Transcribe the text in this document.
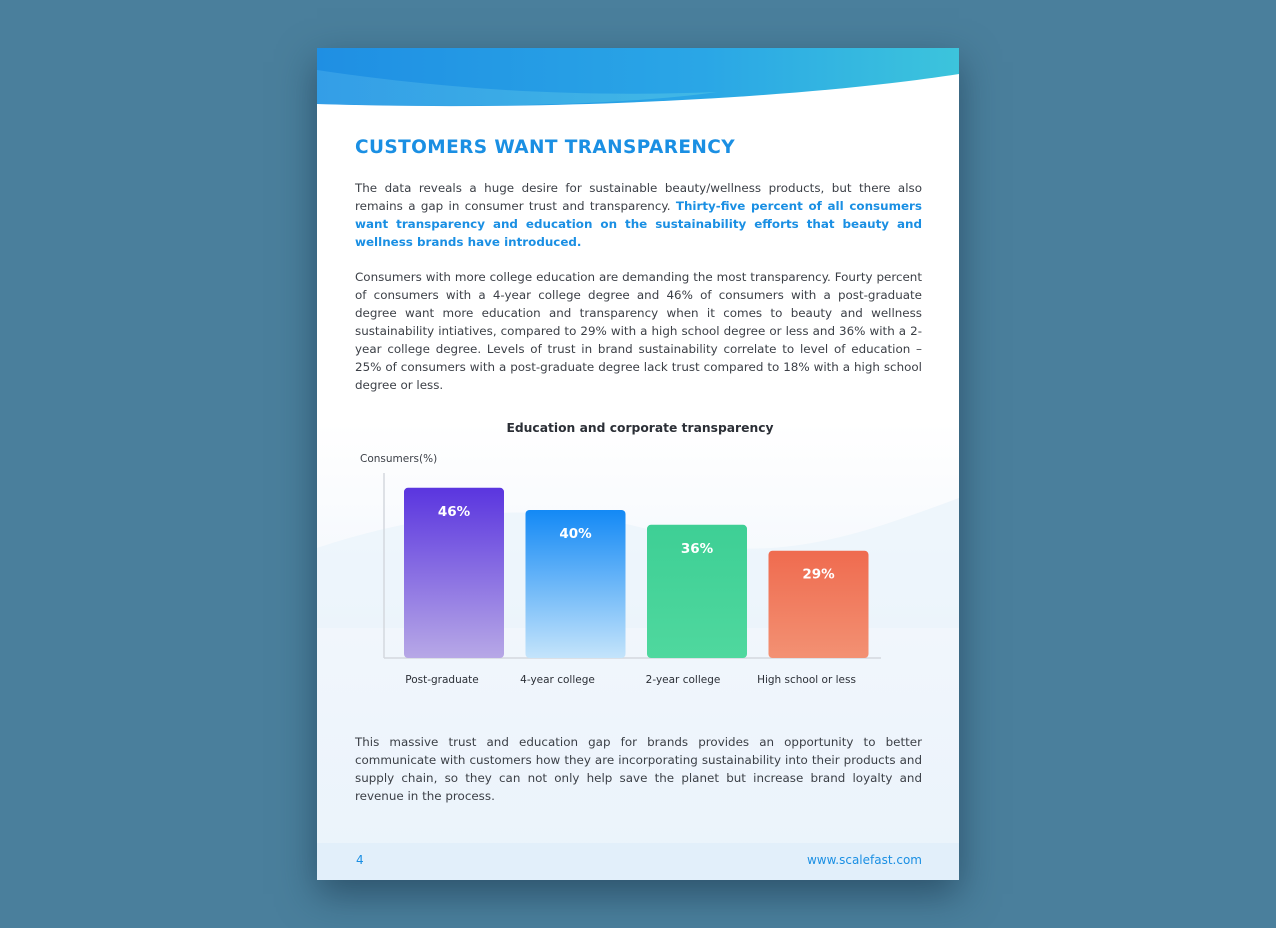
CUSTOMERS WANT TRANSPARENCY

The data reveals a huge desire for sustainable beauty/wellness products, but there also remains a gap in consumer trust and transparency. Thirty-five percent of all consumers want transparency and education on the sustainability efforts that beauty and wellness brands have introduced.

Consumers with more college education are demanding the most transparency. Fourty percent of consumers with a 4-year college degree and 46% of consumers with a post-graduate degree want more education and transparency when it comes to beauty and wellness sustainability intiatives, compared to 29% with a high school degree or less and 36% with a 2-year college degree. Levels of trust in brand sustainability correlate to level of education – 25% of consumers with a post-graduate degree lack trust compared to 18% with a high school degree or less.

Education and corporate transparency
Consumers(%)
46%
Post-graduate
40%
4-year college
36%
2-year college
29%
High school or less

This massive trust and education gap for brands provides an opportunity to better communicate with customers how they are incorporating sustainability into their products and supply chain, so they can not only help save the planet but increase brand loyalty and revenue in the process.

4	www.scalefast.com
